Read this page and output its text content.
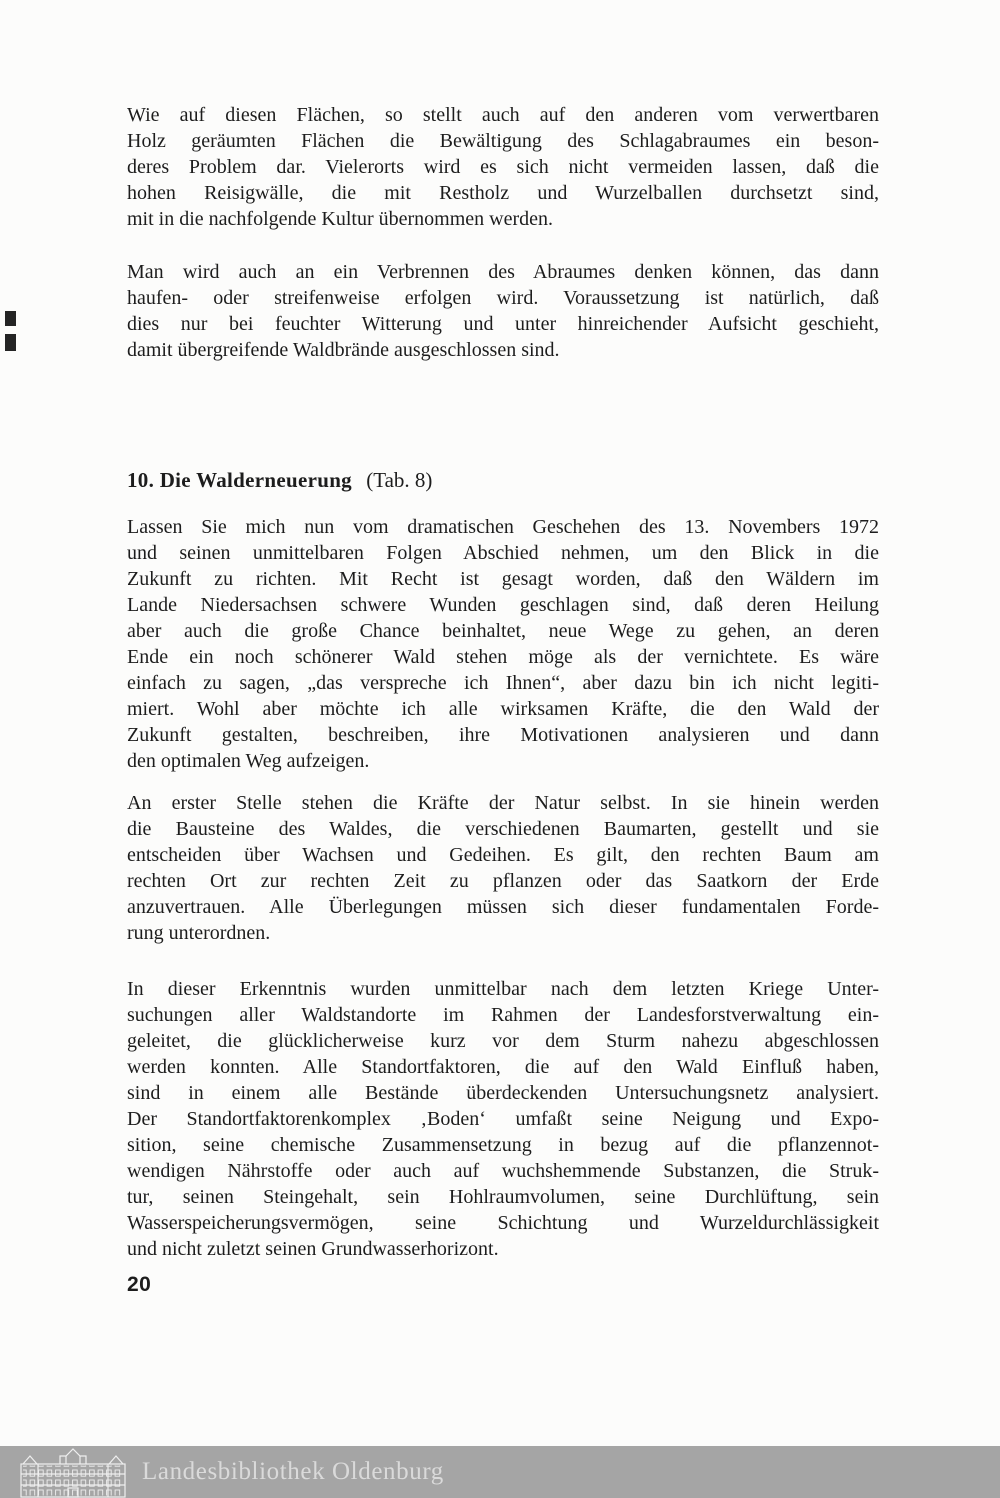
Wie auf diesen Flächen, so stellt auch auf den anderen vom verwertbaren
Holz geräumten Flächen die Bewältigung des Schlagabraumes ein beson-
deres Problem dar. Vielerorts wird es sich nicht vermeiden lassen, daß die
hohen Reisigwälle, die mit Restholz und Wurzelballen durchsetzt sind,
mit in die nachfolgende Kultur übernommen werden.
Man wird auch an ein Verbrennen des Abraumes denken können, das dann
haufen- oder streifenweise erfolgen wird. Voraussetzung ist natürlich, daß
dies nur bei feuchter Witterung und unter hinreichender Aufsicht geschieht,
damit übergreifende Waldbrände ausgeschlossen sind.
10. Die Walderneuerung (Tab. 8)
Lassen Sie mich nun vom dramatischen Geschehen des 13. Novembers 1972
und seinen unmittelbaren Folgen Abschied nehmen, um den Blick in die
Zukunft zu richten. Mit Recht ist gesagt worden, daß den Wäldern im
Lande Niedersachsen schwere Wunden geschlagen sind, daß deren Heilung
aber auch die große Chance beinhaltet, neue Wege zu gehen, an deren
Ende ein noch schönerer Wald stehen möge als der vernichtete. Es wäre
einfach zu sagen, „das verspreche ich Ihnen“, aber dazu bin ich nicht legiti-
miert. Wohl aber möchte ich alle wirksamen Kräfte, die den Wald der
Zukunft gestalten, beschreiben, ihre Motivationen analysieren und dann
den optimalen Weg aufzeigen.
An erster Stelle stehen die Kräfte der Natur selbst. In sie hinein werden
die Bausteine des Waldes, die verschiedenen Baumarten, gestellt und sie
entscheiden über Wachsen und Gedeihen. Es gilt, den rechten Baum am
rechten Ort zur rechten Zeit zu pflanzen oder das Saatkorn der Erde
anzuvertrauen. Alle Überlegungen müssen sich dieser fundamentalen Forde-
rung unterordnen.
In dieser Erkenntnis wurden unmittelbar nach dem letzten Kriege Unter-
suchungen aller Waldstandorte im Rahmen der Landesforstverwaltung ein-
geleitet, die glücklicherweise kurz vor dem Sturm nahezu abgeschlossen
werden konnten. Alle Standortfaktoren, die auf den Wald Einfluß haben,
sind in einem alle Bestände überdeckenden Untersuchungsnetz analysiert.
Der Standortfaktorenkomplex ‚Boden‘ umfaßt seine Neigung und Expo-
sition, seine chemische Zusammensetzung in bezug auf die pflanzennot-
wendigen Nährstoffe oder auch auf wuchshemmende Substanzen, die Struk-
tur, seinen Steingehalt, sein Hohlraumvolumen, seine Durchlüftung, sein
Wasserspeicherungsvermögen, seine Schichtung und Wurzeldurchlässigkeit
und nicht zuletzt seinen Grundwasserhorizont.
20
Landesbibliothek Oldenburg
